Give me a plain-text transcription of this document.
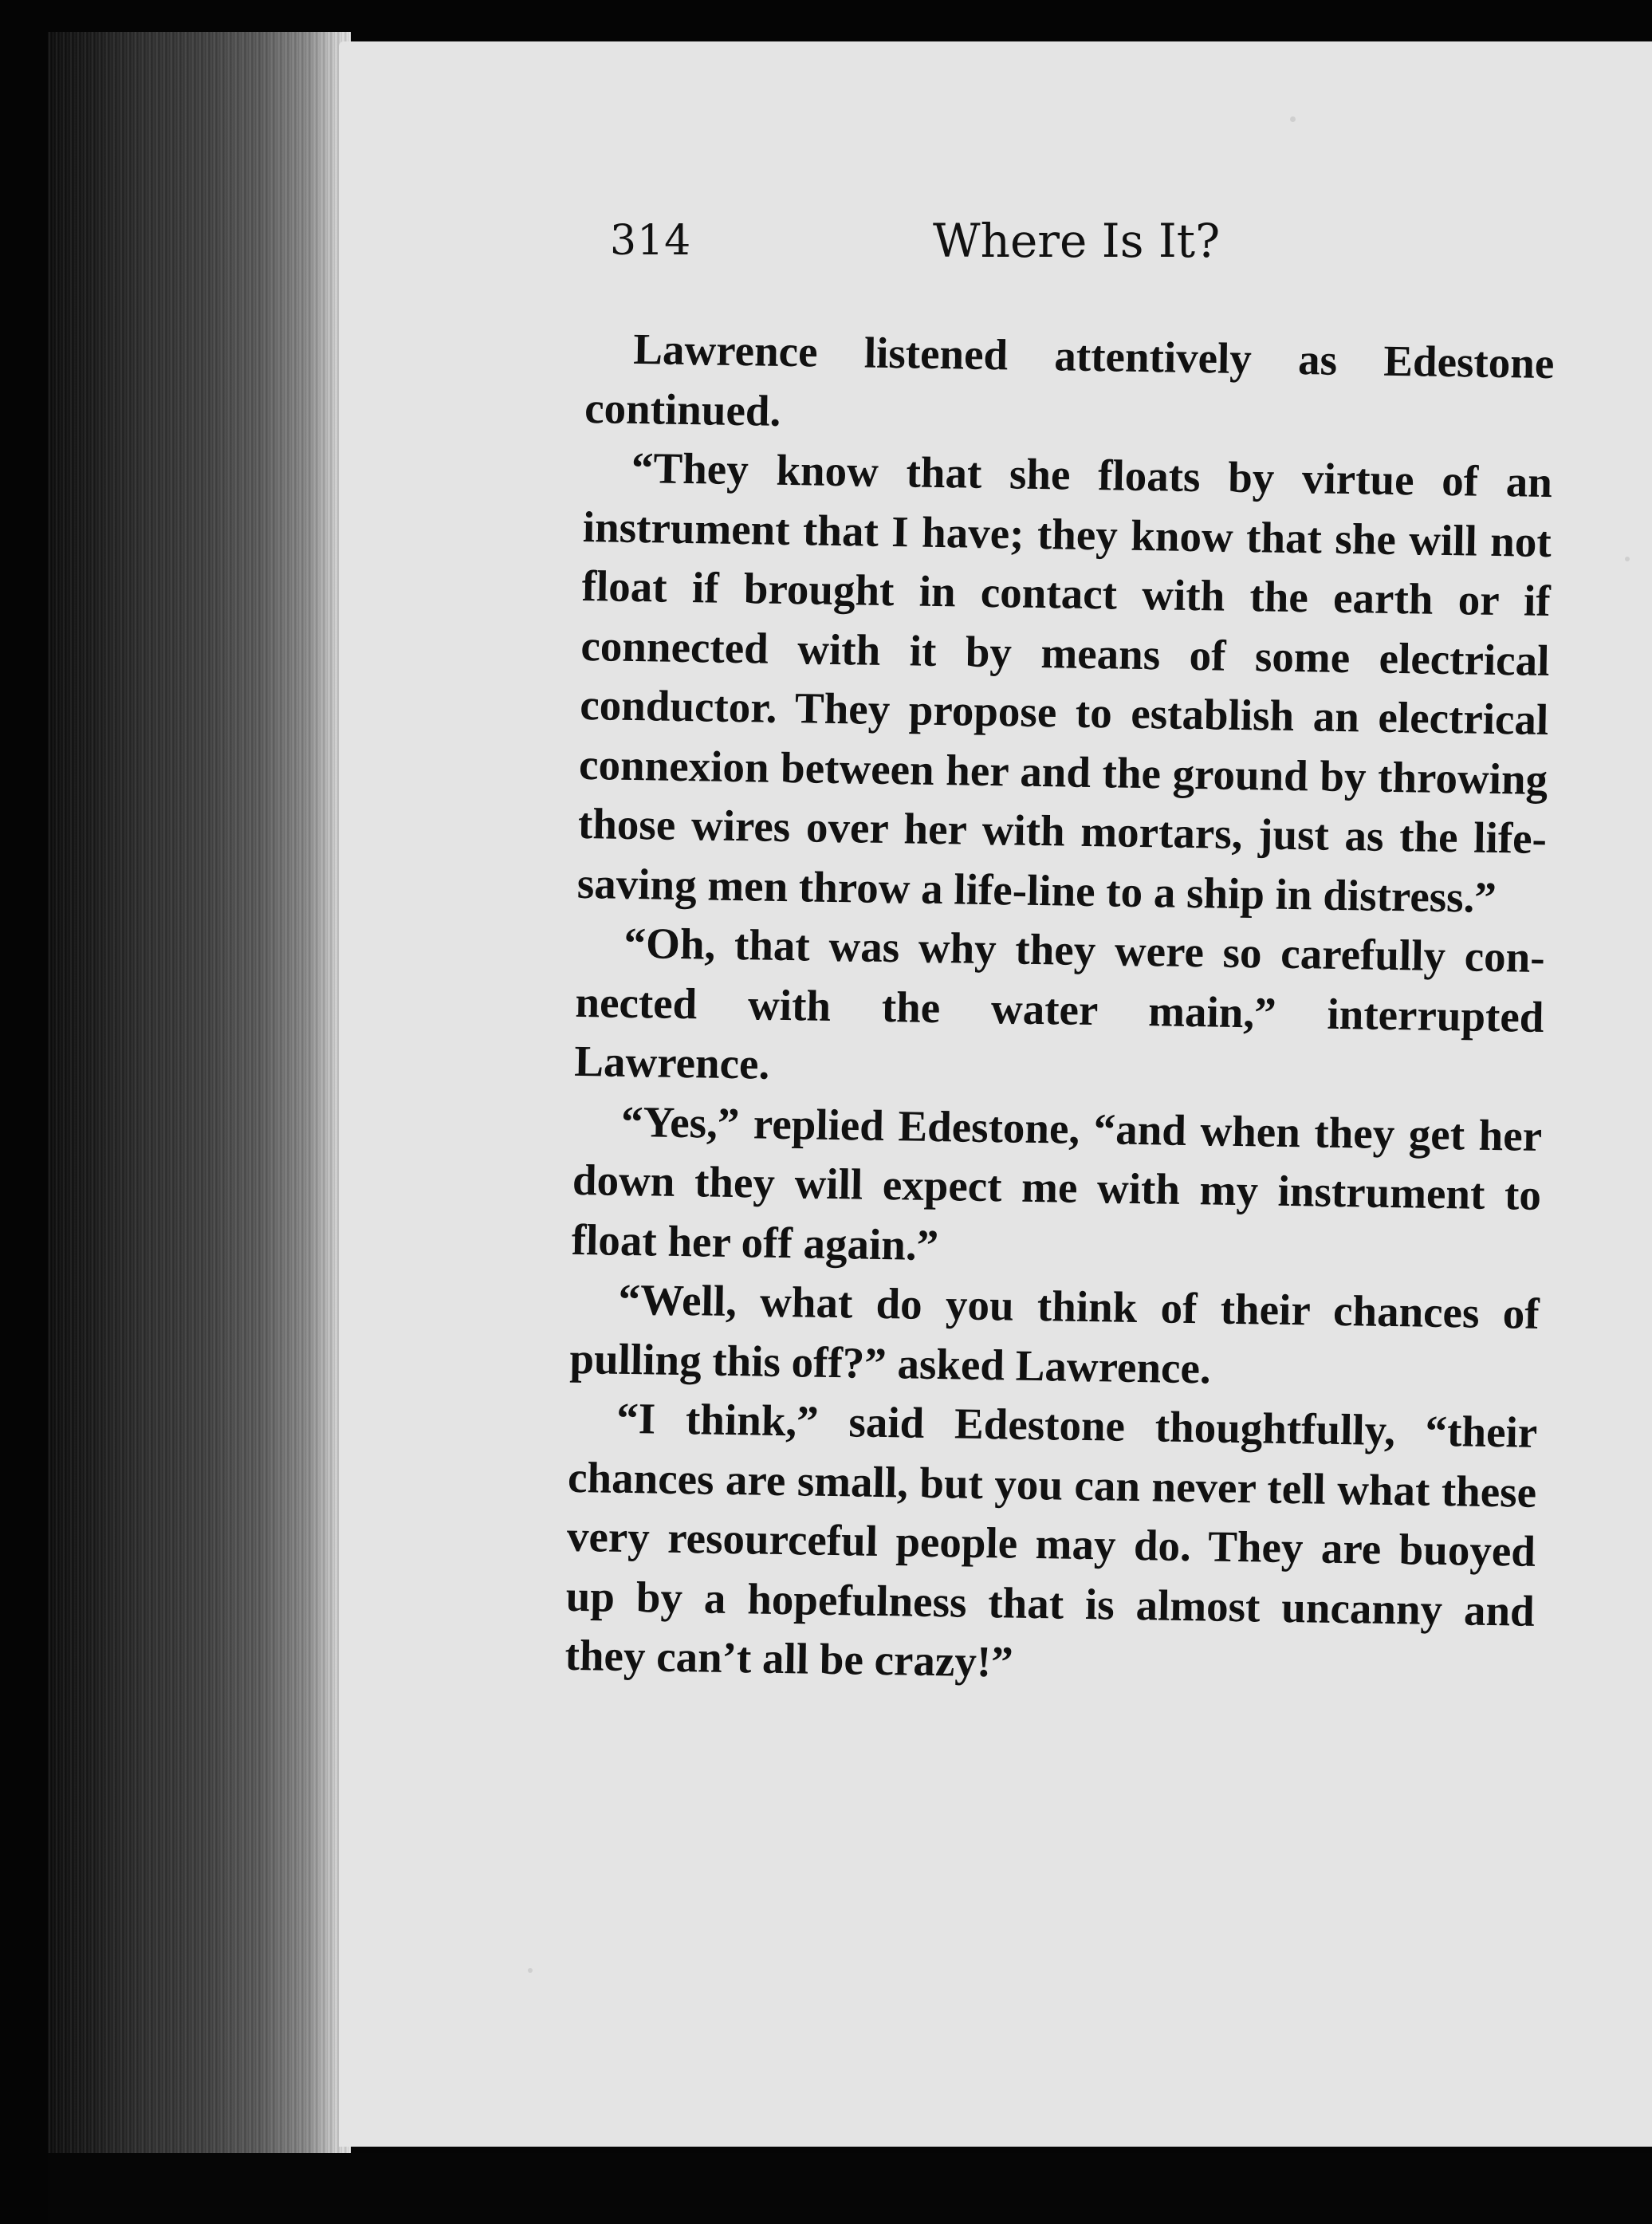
314	Where Is It?

Lawrence listened attentively as Edestone continued.

“They know that she floats by virtue of an instrument that I have; they know that she will not float if brought in contact with the earth or if connected with it by means of some electrical conductor. They propose to establish an electrical connexion between her and the ground by throwing those wires over her with mortars, just as the life-saving men throw a life-line to a ship in distress.”

“Oh, that was why they were so carefully connected with the water main,” interrupted Lawrence.

“Yes,” replied Edestone, “and when they get her down they will expect me with my instrument to float her off again.”

“Well, what do you think of their chances of pulling this off?” asked Lawrence.

“I think,” said Edestone thoughtfully, “their chances are small, but you can never tell what these very resourceful people may do. They are buoyed up by a hopefulness that is almost uncanny and they can’t all be crazy!”
